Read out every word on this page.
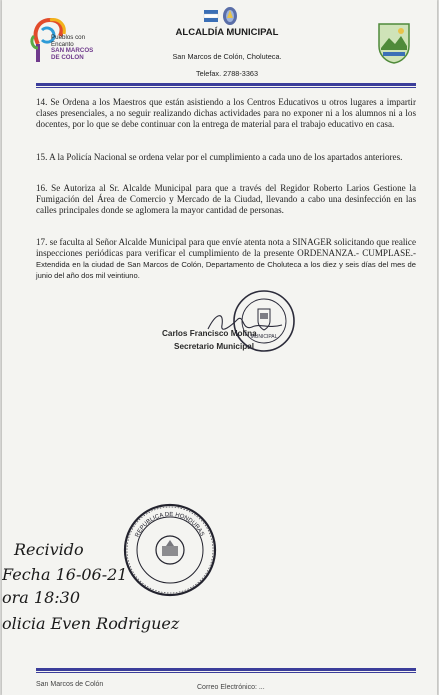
Pueblos con
Encanto
SAN MARCOS
DE COLON
ALCALDÍA MUNICIPAL
San Marcos de Colón, Choluteca.
Telefax. 2788-3363
14. Se Ordena a los Maestros que están asistiendo a los Centros Educativos u otros lugares a impartir clases presenciales, a no seguir realizando dichas actividades para no exponer ni a los alumnos ni a los docentes, por lo que se debe continuar con la entrega de material para el trabajo educativo en casa.
15. A la Policía Nacional se ordena velar por el cumplimiento a cada uno de los apartados anteriores.
16. Se Autoriza al Sr. Alcalde Municipal para que a través del Regidor Roberto Larios Gestione la Fumigación del Área de Comercio y Mercado de la Ciudad, llevando a cabo una desinfección en las calles principales donde se aglomera la mayor cantidad de personas.
17. se faculta al Señor Alcalde Municipal para que envíe atenta nota a SINAGER solicitando que realice inspecciones periódicas para verificar el cumplimiento de la presente ORDENANZA.- CUMPLASE.- Extendida en la ciudad de San Marcos de Colón, Departamento de Choluteca a los diez y seis días del mes de junio del año dos mil veintiuno.
Carlos Francisco Molina
Secretario Municipal
MUNICIPAL
REPUBLICA DE HONDURAS
Recivido
Fecha 16-06-21
ora 18:30
olicia Even Rodriguez
San Marcos de Colón	Correo Electrónico: ...
